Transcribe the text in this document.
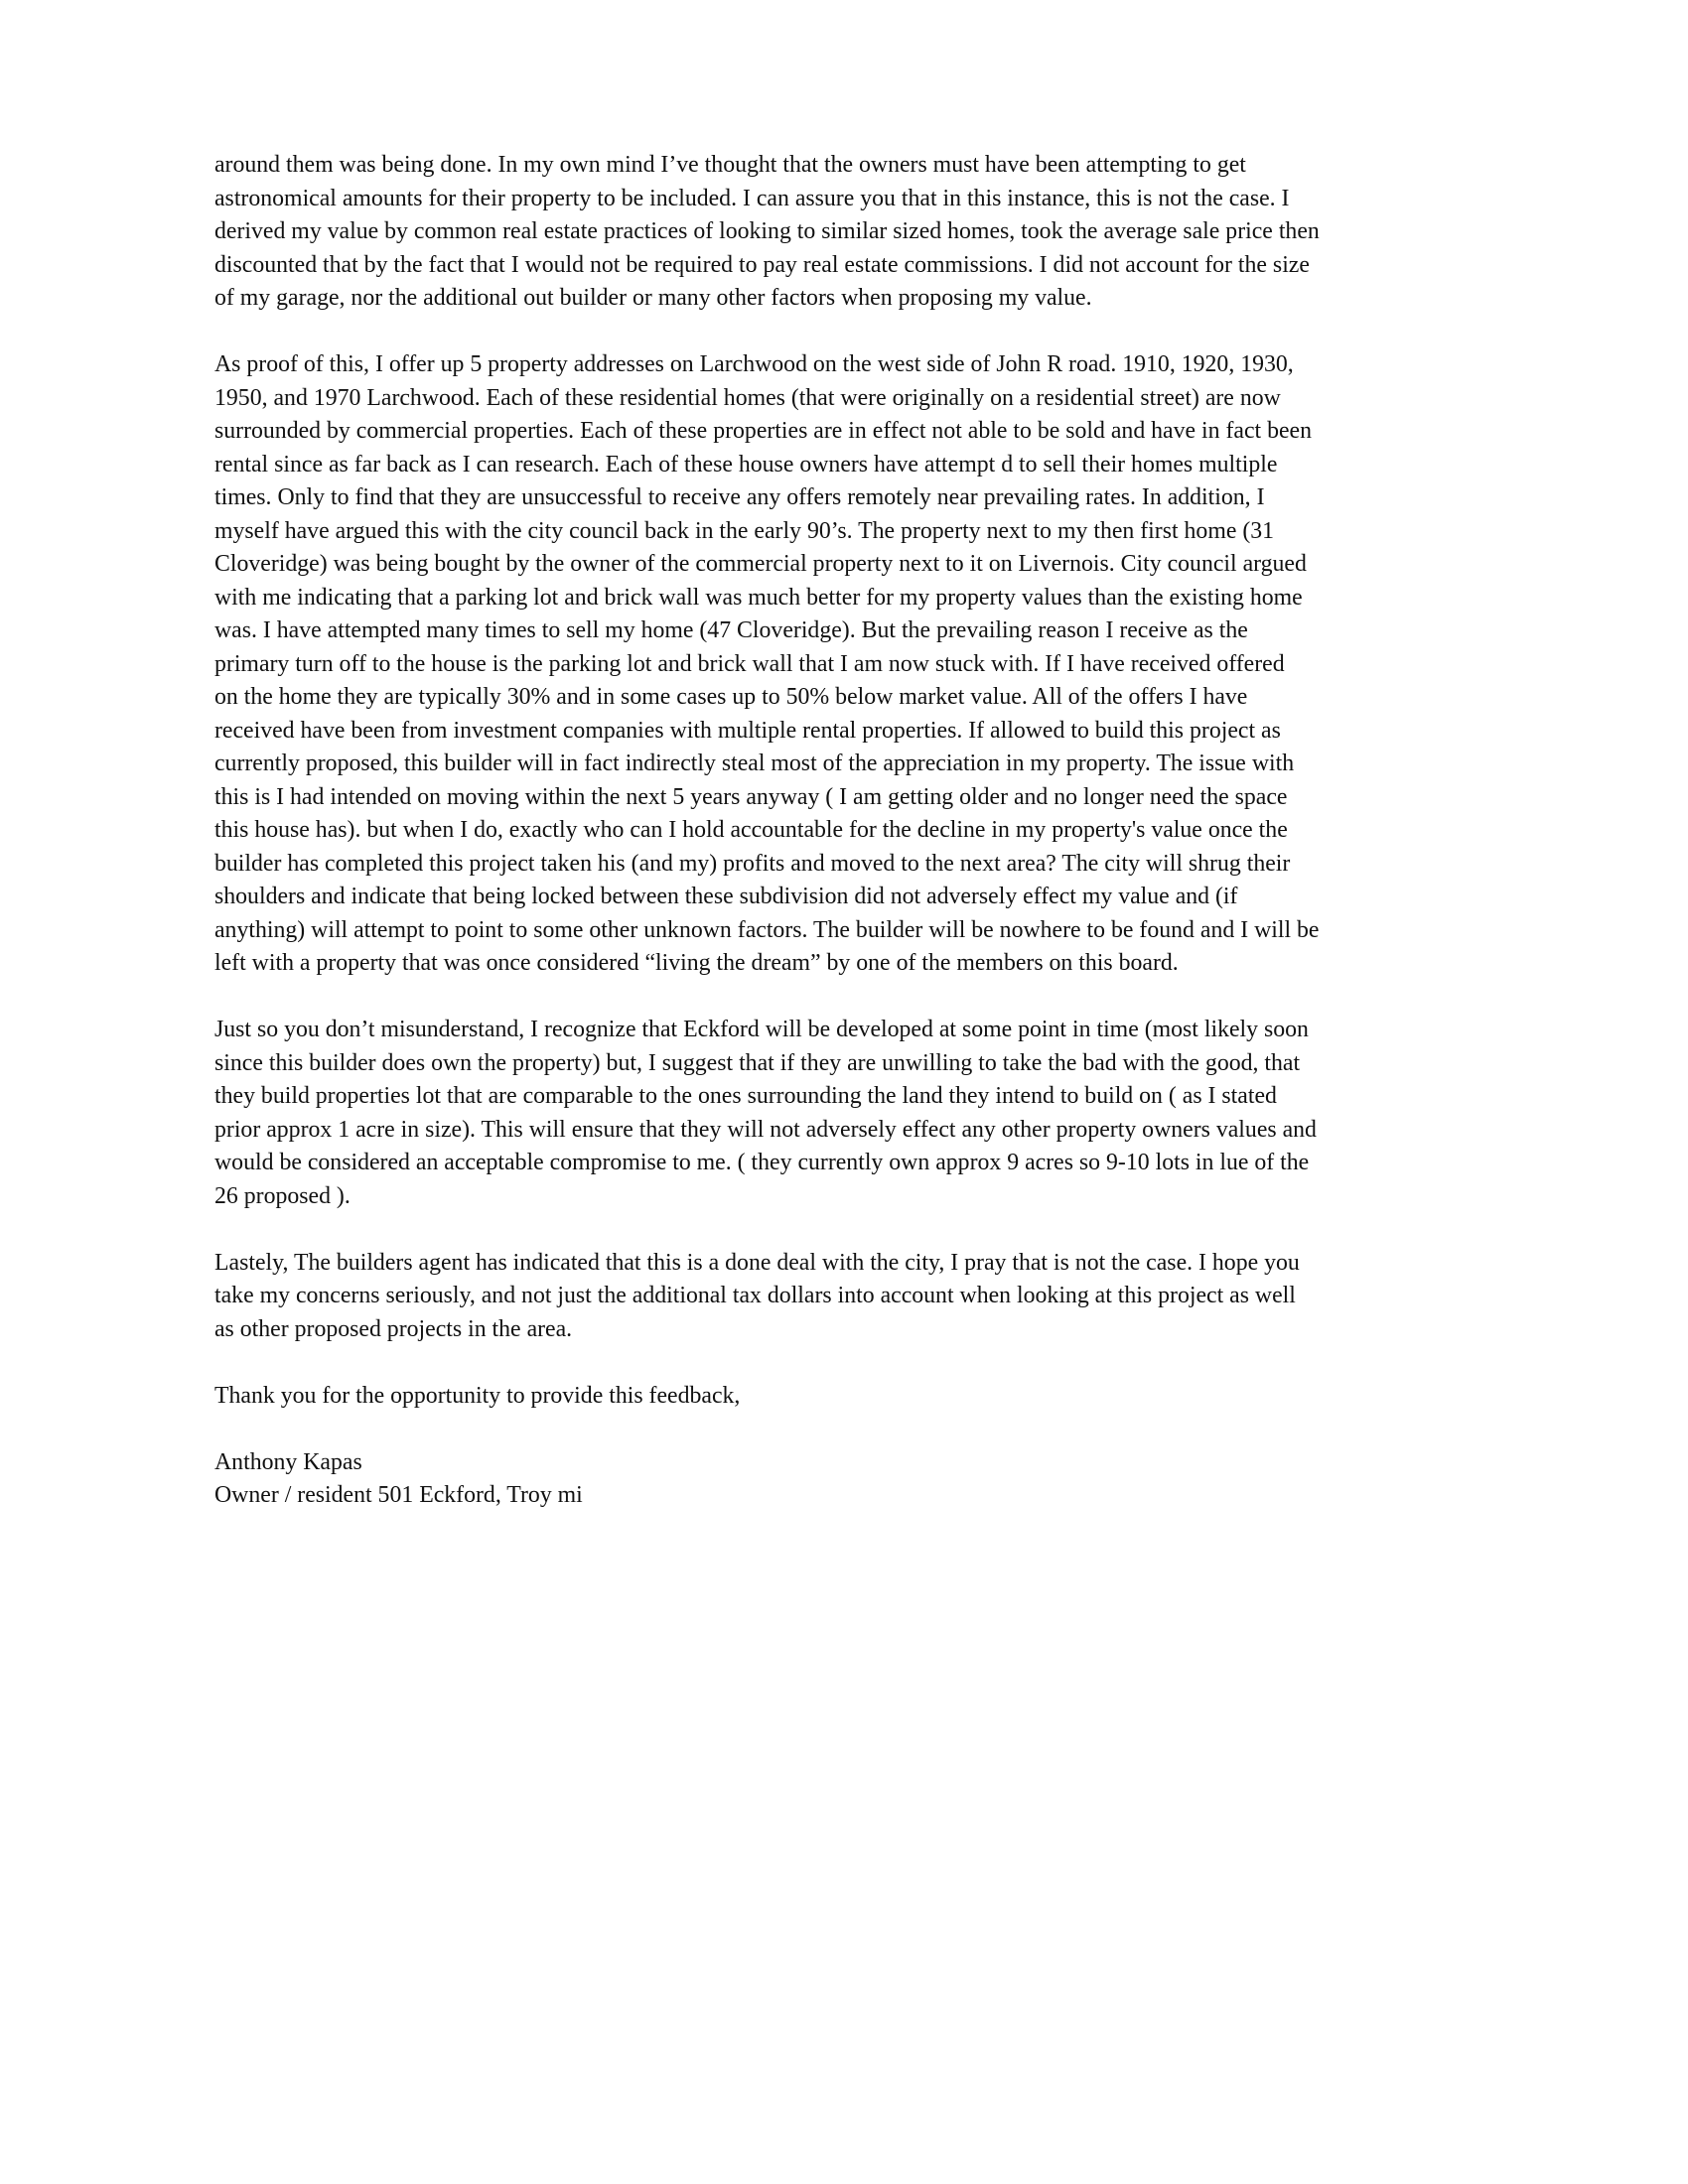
around them was being done. In my own mind I’ve thought that the owners must have been attempting to get
astronomical amounts for their property to be included. I can assure you that in this instance, this is not the case. I
derived my value by common real estate practices of looking to similar sized homes, took the average sale price then
discounted that by the fact that I would not be required to pay real estate commissions. I did not account for the size
of my garage, nor the additional out builder or many other factors when proposing my value.

As proof of this, I offer up 5 property addresses on Larchwood on the west side of John R road. 1910, 1920, 1930,
1950, and 1970 Larchwood. Each of these residential homes (that were originally on a residential street) are now
surrounded by commercial properties. Each of these properties are in effect not able to be sold and have in fact been
rental since as far back as I can research. Each of these house owners have attempt d to sell their homes multiple
times. Only to find that they are unsuccessful to receive any offers remotely near prevailing rates. In addition, I
myself have argued this with the city council back in the early 90’s. The property next to my then first home (31
Cloveridge) was being bought by the owner of the commercial property next to it on Livernois. City council argued
with me indicating that a parking lot and brick wall was much better for my property values than the existing home
was. I have attempted many times to sell my home (47 Cloveridge). But the prevailing reason I receive as the
primary turn off to the house is the parking lot and brick wall that I am now stuck with. If I have received offered
on the home they are typically 30% and in some cases up to 50% below market value. All of the offers I have
received have been from investment companies with multiple rental properties. If allowed to build this project as
currently proposed, this builder will in fact indirectly steal most of the appreciation in my property. The issue with
this is I had intended on moving within the next 5 years anyway ( I am getting older and no longer need the space
this house has). but when I do, exactly who can I hold accountable for the decline in my property's value once the
builder has completed this project taken his (and my) profits and moved to the next area? The city will shrug their
shoulders and indicate that being locked between these subdivision did not adversely effect my value and (if
anything) will attempt to point to some other unknown factors. The builder will be nowhere to be found and I will be
left with a property that was once considered “living the dream” by one of the members on this board.

Just so you don’t misunderstand, I recognize that Eckford will be developed at some point in time (most likely soon
since this builder does own the property) but, I suggest that if they are unwilling to take the bad with the good, that
they build properties lot that are comparable to the ones surrounding the land they intend to build on ( as I stated
prior approx 1 acre in size). This will ensure that they will not adversely effect any other property owners values and
would be considered an acceptable compromise to me. ( they currently own approx 9 acres so 9-10 lots in lue of the
26 proposed ).

Lastely, The builders agent has indicated that this is a done deal with the city, I pray that is not the case. I hope you
take my concerns seriously, and not just the additional tax dollars into account when looking at this project as well
as other proposed projects in the area.

Thank you for the opportunity to provide this feedback,

Anthony Kapas

Owner / resident 501 Eckford, Troy mi
